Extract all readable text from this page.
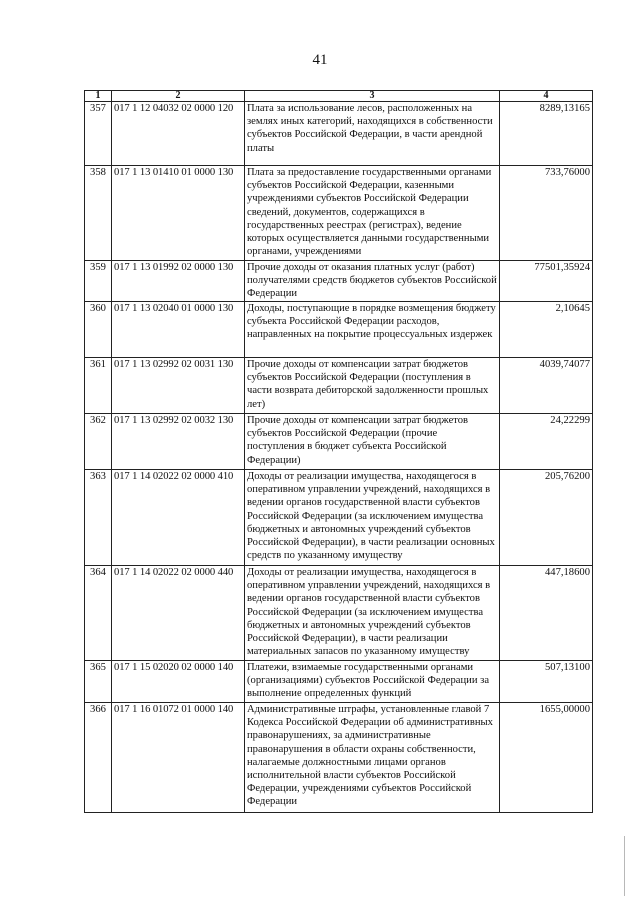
41
1	2	3	4
357	017 1 12 04032 02 0000 120	Плата за использование лесов, расположенных на землях иных категорий, находящихся в собственности субъектов Российской Федерации, в части арендной платы	8289,13165
358	017 1 13 01410 01 0000 130	Плата за предоставление государственными органами субъектов Российской Федерации, казенными учреждениями субъектов Российской Федерации сведений, документов, содержащихся в государственных реестрах (регистрах), ведение которых осуществляется данными государственными органами, учреждениями	733,76000
359	017 1 13 01992 02 0000 130	Прочие доходы от оказания платных услуг (работ) получателями средств бюджетов субъектов Российской Федерации	77501,35924
360	017 1 13 02040 01 0000 130	Доходы, поступающие в порядке возмещения бюджету субъекта Российской Федерации расходов, направленных на покрытие процессуальных издержек	2,10645
361	017 1 13 02992 02 0031 130	Прочие доходы от компенсации затрат бюджетов субъектов Российской Федерации (поступления в части возврата дебиторской задолженности прошлых лет)	4039,74077
362	017 1 13 02992 02 0032 130	Прочие доходы от компенсации затрат бюджетов субъектов Российской Федерации (прочие поступления в бюджет субъекта Российской Федерации)	24,22299
363	017 1 14 02022 02 0000 410	Доходы от реализации имущества, находящегося в оперативном управлении учреждений, находящихся в ведении органов государственной власти субъектов Российской Федерации (за исключением имущества бюджетных и автономных учреждений субъектов Российской Федерации), в части реализации основных средств по указанному имуществу	205,76200
364	017 1 14 02022 02 0000 440	Доходы от реализации имущества, находящегося в оперативном управлении учреждений, находящихся в ведении органов государственной власти субъектов Российской Федерации (за исключением имущества бюджетных и автономных учреждений субъектов Российской Федерации), в части реализации материальных запасов по указанному имуществу	447,18600
365	017 1 15 02020 02 0000 140	Платежи, взимаемые государственными органами (организациями) субъектов Российской Федерации за выполнение определенных функций	507,13100
366	017 1 16 01072 01 0000 140	Административные штрафы, установленные главой 7 Кодекса Российской Федерации об административных правонарушениях, за административные правонарушения в области охраны собственности, налагаемые должностными лицами органов исполнительной власти субъектов Российской Федерации, учреждениями субъектов Российской Федерации	1655,00000
